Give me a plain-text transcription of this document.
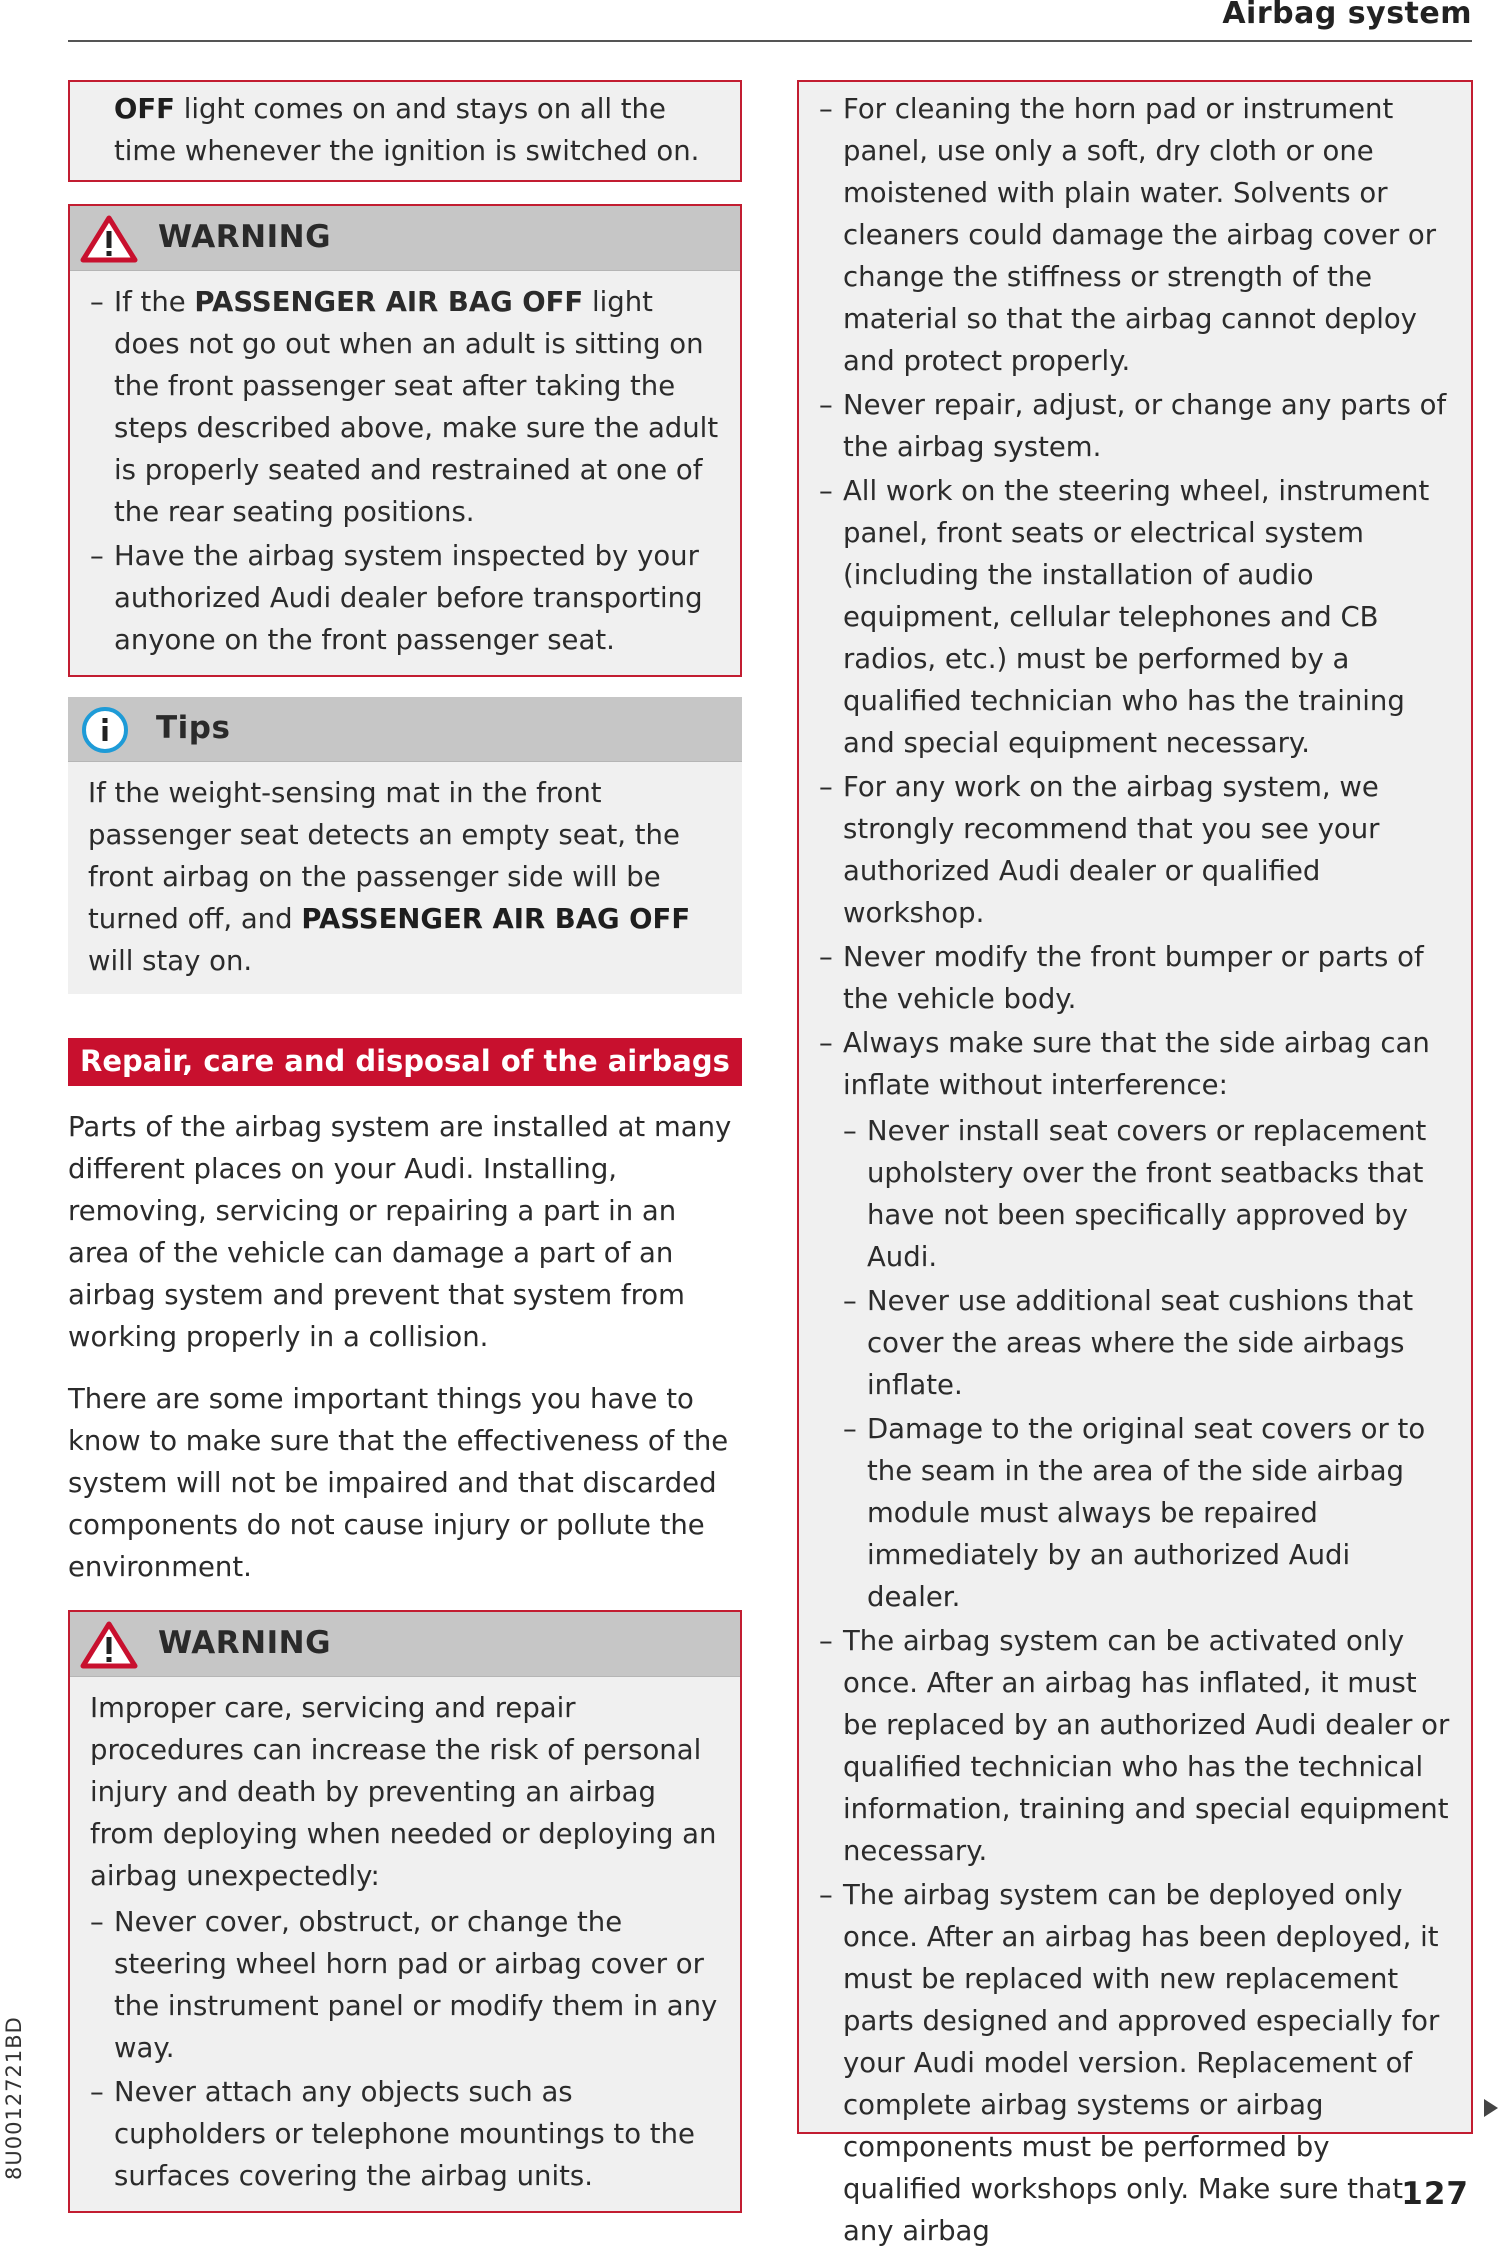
Airbag system

OFF light comes on and stays on all the time whenever the ignition is switched on.

WARNING
– If the PASSENGER AIR BAG OFF light does not go out when an adult is sitting on the front passenger seat after taking the steps described above, make sure the adult is properly seated and restrained at one of the rear seating positions.
– Have the airbag system inspected by your authorized Audi dealer before transporting anyone on the front passenger seat.
Tips

If the weight-sensing mat in the front passenger seat detects an empty seat, the front airbag on the passenger side will be turned off, and PASSENGER AIR BAG OFF will stay on.

Repair, care and disposal of the airbags

Parts of the airbag system are installed at many different places on your Audi. Installing, removing, servicing or repairing a part in an area of the vehicle can damage a part of an airbag system and prevent that system from working properly in a collision.

There are some important things you have to know to make sure that the effectiveness of the system will not be impaired and that discarded components do not cause injury or pollute the environment.

WARNING

Improper care, servicing and repair procedures can increase the risk of personal injury and death by preventing an airbag from deploying when needed or deploying an airbag unexpectedly:

– Never cover, obstruct, or change the steering wheel horn pad or airbag cover or the instrument panel or modify them in any way.
– Never attach any objects such as cupholders or telephone mountings to the surfaces covering the airbag units.
– For cleaning the horn pad or instrument panel, use only a soft, dry cloth or one moistened with plain water. Solvents or cleaners could damage the airbag cover or change the stiffness or strength of the material so that the airbag cannot deploy and protect properly.
– Never repair, adjust, or change any parts of the airbag system.
– All work on the steering wheel, instrument panel, front seats or electrical system (including the installation of audio equipment, cellular telephones and CB radios, etc.) must be performed by a qualified technician who has the training and special equipment necessary.
– For any work on the airbag system, we strongly recommend that you see your authorized Audi dealer or qualified workshop.
– Never modify the front bumper or parts of the vehicle body.
– Always make sure that the side airbag can inflate without interference:
– Never install seat covers or replacement upholstery over the front seatbacks that have not been specifically approved by Audi.
– Never use additional seat cushions that cover the areas where the side airbags inflate.
– Damage to the original seat covers or to the seam in the area of the side airbag module must always be repaired immediately by an authorized Audi dealer.
– The airbag system can be activated only once. After an airbag has inflated, it must be replaced by an authorized Audi dealer or qualified technician who has the technical information, training and special equipment necessary.
– The airbag system can be deployed only once. After an airbag has been deployed, it must be replaced with new replacement parts designed and approved especially for your Audi model version. Replacement of complete airbag systems or airbag components must be performed by qualified workshops only. Make sure that any airbag
8U0012721BD
127
